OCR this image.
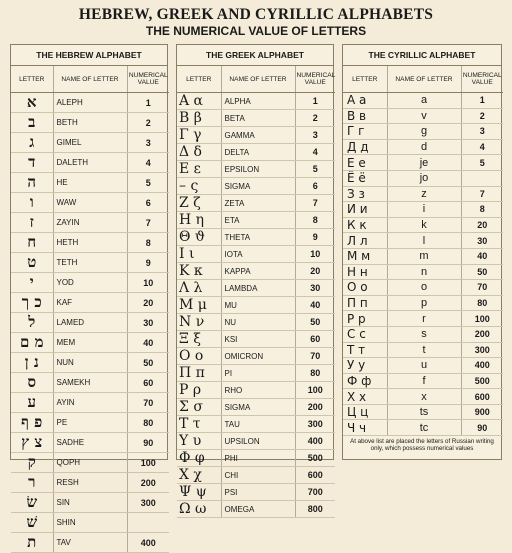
HEBREW, GREEK AND CYRILLIC ALPHABETS
THE NUMERICAL VALUE OF LETTERS
THE HEBREW ALPHABET
LETTER	NAME OF LETTER	NUMERICAL VALUE
א	ALEPH	1
ב	BETH	2
ג	GIMEL	3
ד	DALETH	4
ה	HE	5
ו	WAW	6
ז	ZAYIN	7
ח	HETH	8
ט	TETH	9
י	YOD	10
כ ך	KAF	20
ל	LAMED	30
מ ם	MEM	40
נ ן	NUN	50
ס	SAMEKH	60
ע	AYIN	70
פ ף	PE	80
צ ץ	SADHE	90
ק	QOPH	100
ר	RESH	200
שׂ	SIN	300
שׁ	SHIN	
ת	TAV	400
THE GREEK ALPHABET
LETTER	NAME OF LETTER	NUMERICAL VALUE
Α α	ALPHA	1
Β β	BETA	2
Γ γ	GAMMA	3
Δ δ	DELTA	4
Ε ε	EPSILON	5
– ς	SIGMA	6
Ζ ζ	ZETA	7
Η η	ETA	8
Θ ϑ	THETA	9
Ι ι	IOTA	10
Κ κ	KAPPA	20
Λ λ	LAMBDA	30
Μ μ	MU	40
Ν ν	NU	50
Ξ ξ	KSI	60
Ο ο	OMICRON	70
Π π	PI	80
Ρ ρ	RHO	100
Σ σ	SIGMA	200
Τ τ	TAU	300
Υ υ	UPSILON	400
Φ φ	PHI	500
Χ χ	CHI	600
Ψ ψ	PSI	700
Ω ω	OMEGA	800
THE CYRILLIC ALPHABET
LETTER	NAME OF LETTER	NUMERICAL VALUE
А а	a	1
В в	v	2
Г г	g	3
Д д	d	4
Е е	je	5
Ё ё	jo	
З з	z	7
И и	i	8
К к	k	20
Л л	l	30
М м	m	40
Н н	n	50
О о	o	70
П п	p	80
Р р	r	100
С с	s	200
Т т	t	300
У у	u	400
Ф ф	f	500
Х х	x	600
Ц ц	ts	900
Ч ч	tc	90
At above list are placed the letters of Russian writing only, which possess numerical values
